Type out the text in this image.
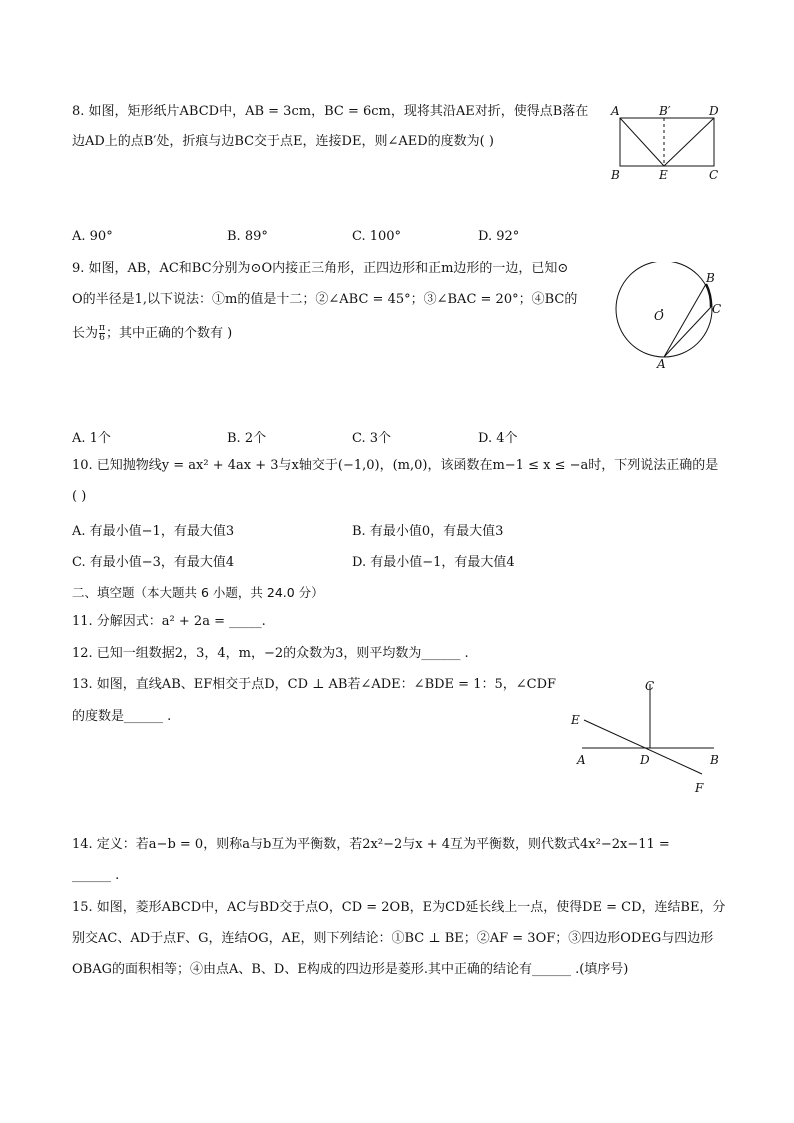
8. 如图，矩形纸片ABCD中，AB = 3cm，BC = 6cm，现将其沿AE对折，使得点B落在
边AD上的点B′处，折痕与边BC交于点E，连接DE，则∠AED的度数为( )
A	B′	D
B	E	C
A. 90°	B. 89°	C. 100°	D. 92°
9. 如图，AB，AC和BC分别为⊙O内接正三角形，正四边形和正m边形的一边，已知⊙
O的半径是1,以下说法：①m的值是十二；②∠ABC = 45°；③∠BAC = 20°；④BC的
长为 $\frac{\pi}{6}$ ；其中正确的个数有 )
B
C
O
A
A. 1个	B. 2个	C. 3个	D. 4个
10. 已知抛物线y = ax² + 4ax + 3与x轴交于(−1,0)，(m,0)，该函数在m−1 ≤ x ≤ −a时，下列说法正确的是
( )
A. 有最小值−1，有最大值3	B. 有最小值0，有最大值3
C. 有最小值−3，有最大值4	D. 有最小值−1，有最大值4
二、填空题（本大题共 6 小题，共 24.0 分）
11. 分解因式：a² + 2a = _____.
12. 已知一组数据2，3，4，m，−2的众数为3，则平均数为______ .
13. 如图，直线AB、EF相交于点D，CD ⊥ AB若∠ADE：∠BDE = 1：5，∠CDF
的度数是______ .
C
E
A	D	B
F
14. 定义：若a−b = 0，则称a与b互为平衡数，若2x²−2与x + 4互为平衡数，则代数式4x²−2x−11 =
______ .
15. 如图，菱形ABCD中，AC与BD交于点O，CD = 2OB，E为CD延长线上一点，使得DE = CD，连结BE，分
别交AC、AD于点F、G，连结OG，AE，则下列结论：①BC ⊥ BE；②AF = 3OF；③四边形ODEG与四边形
OBAG的面积相等；④由点A、B、D、E构成的四边形是菱形.其中正确的结论有______ .(填序号)
